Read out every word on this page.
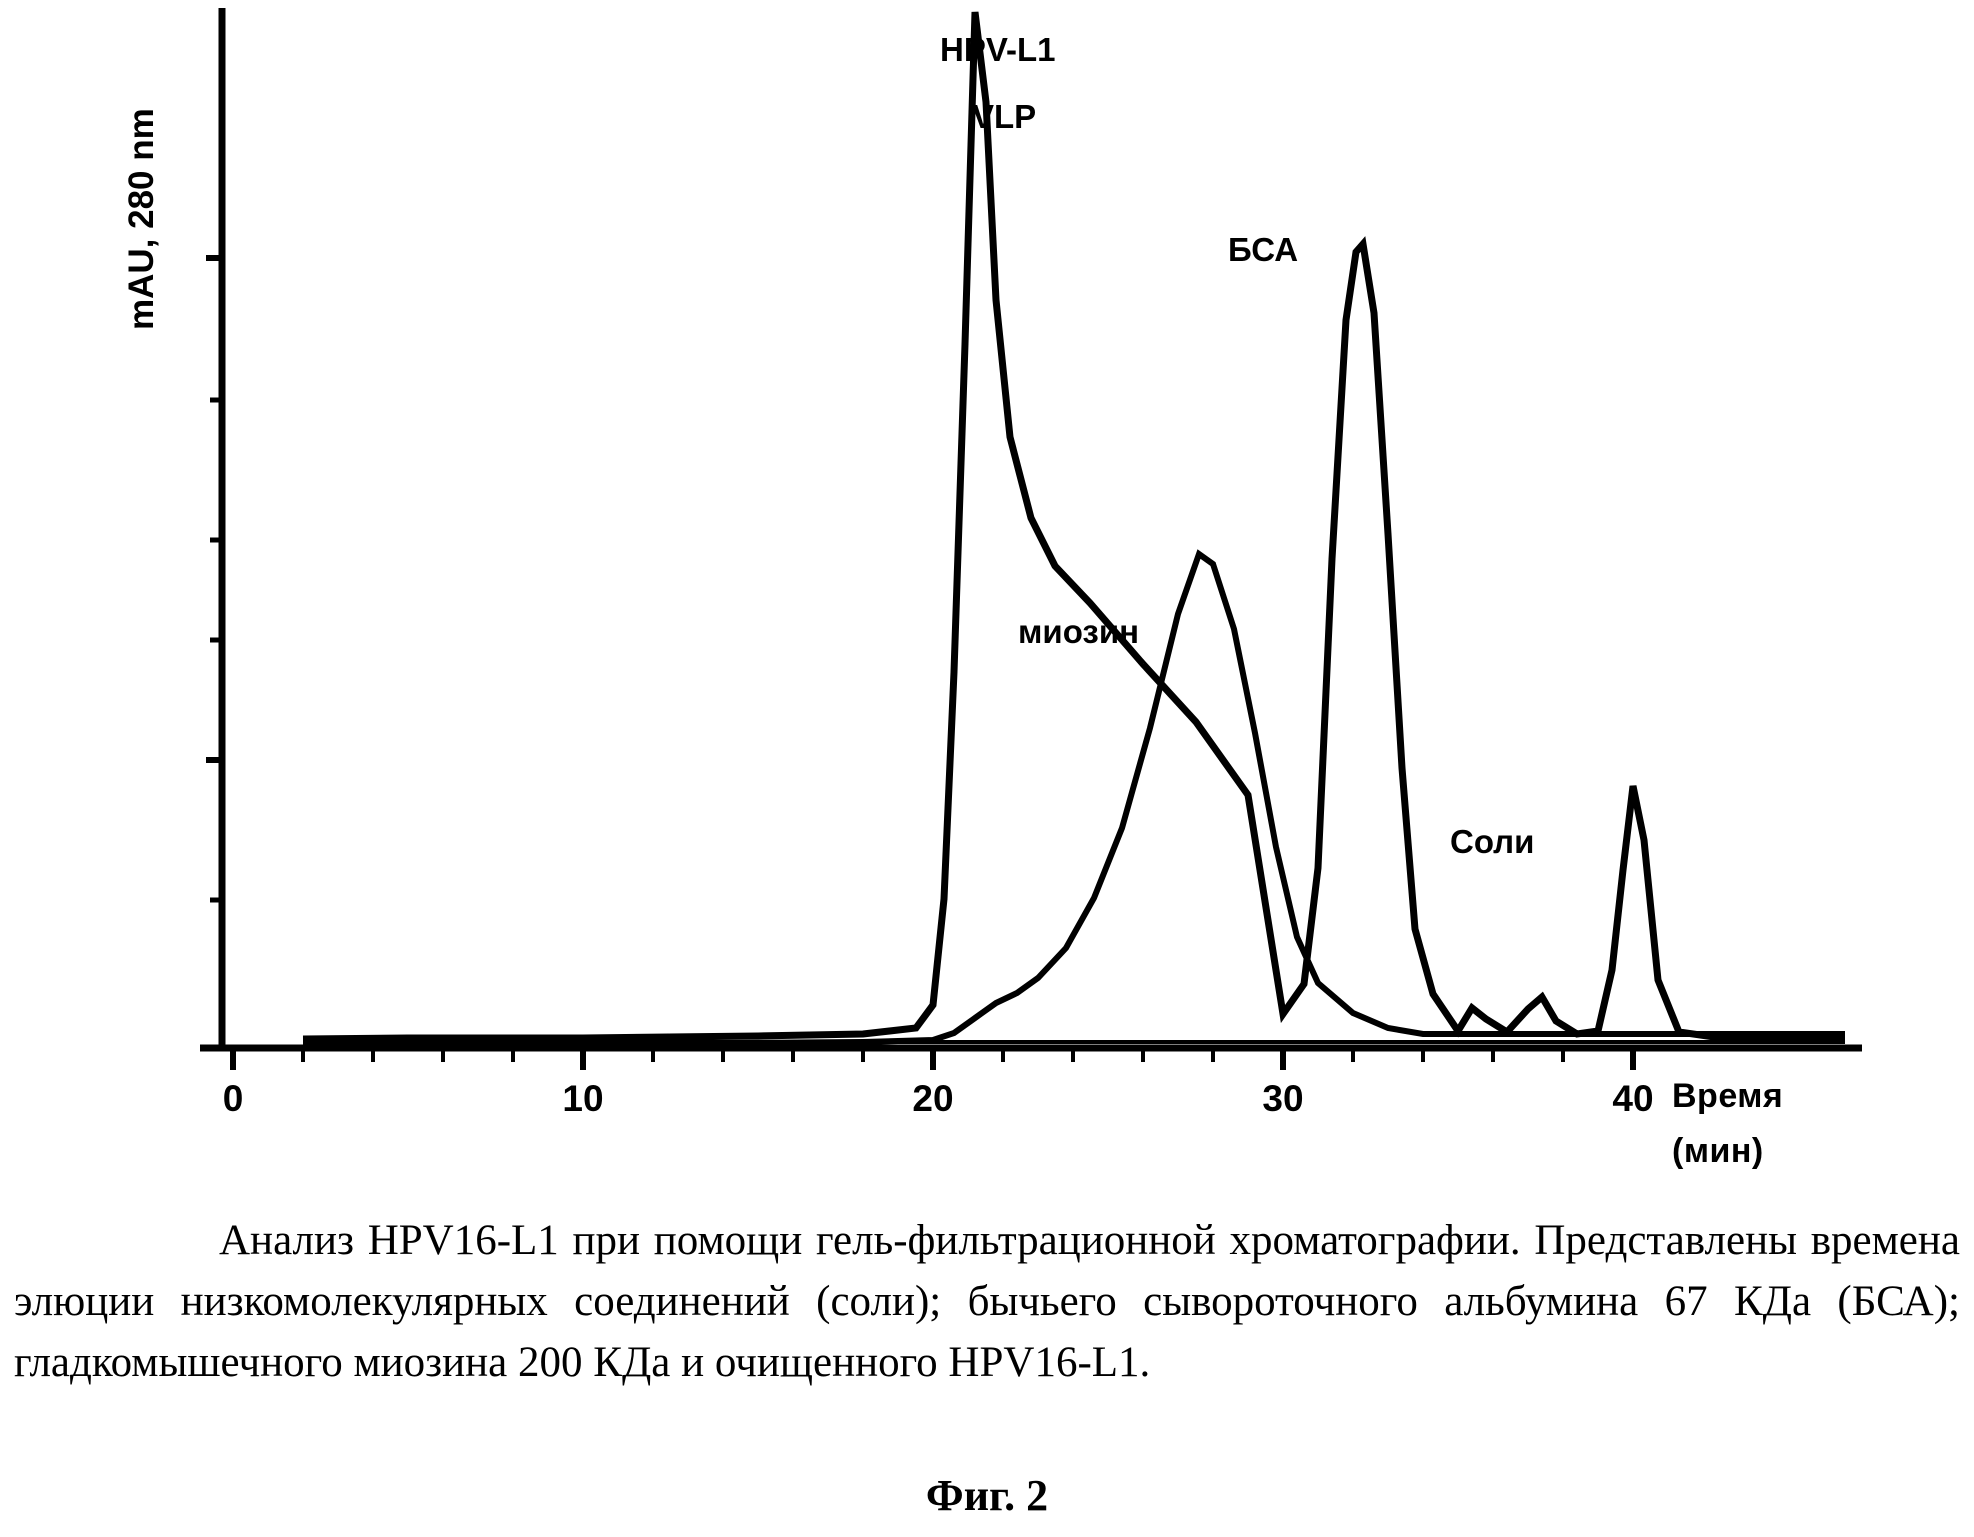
mAU, 280 nm
0	10	20	30	40 Время
(мин)
HPV-L1
VLP
БСА
миозин
Соли

Анализ HPV16-L1 при помощи гель-фильтрационной хроматографии. Представлены времена элюции низкомолекулярных соединений (соли); бычьего сывороточного альбумина 67 КДа (БСА); гладкомышечного миозина 200 КДа и очищенного HPV16-L1.

Фиг. 2
